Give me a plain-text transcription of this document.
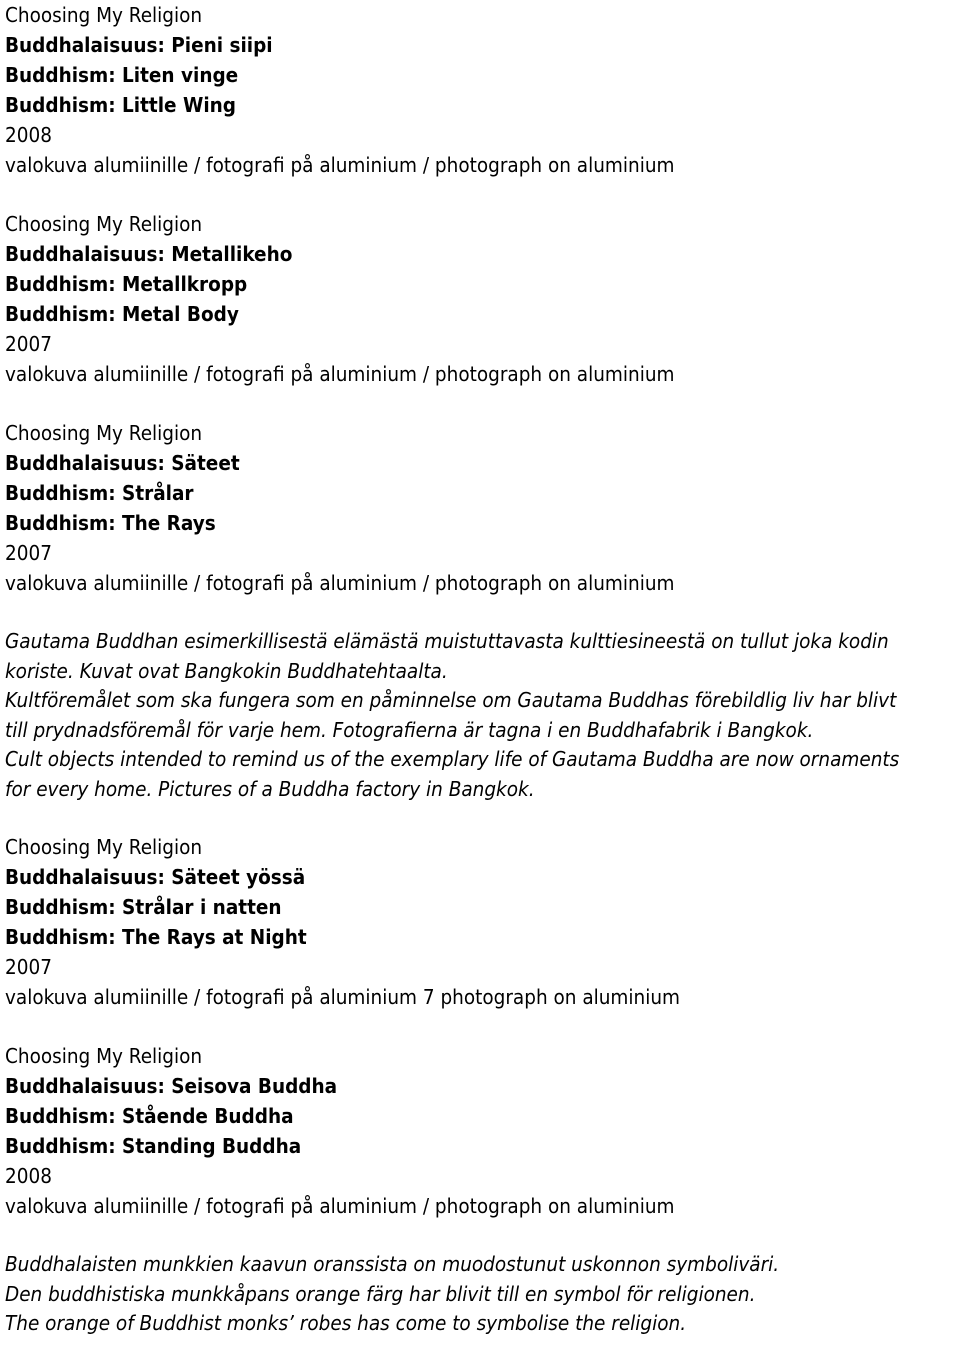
Choosing My Religion
Buddhalaisuus: Pieni siipi
Buddhism: Liten vinge
Buddhism: Little Wing
2008
valokuva alumiinille / fotografi på aluminium / photograph on aluminium
Choosing My Religion
Buddhalaisuus: Metallikeho
Buddhism: Metallkropp
Buddhism: Metal Body
2007
valokuva alumiinille / fotografi på aluminium / photograph on aluminium
Choosing My Religion
Buddhalaisuus: Säteet
Buddhism: Strålar
Buddhism: The Rays
2007
valokuva alumiinille / fotografi på aluminium / photograph on aluminium
Gautama Buddhan esimerkillisestä elämästä muistuttavasta kulttiesineestä on tullut joka kodin
koriste. Kuvat ovat Bangkokin Buddhatehtaalta.
Kultföremålet som ska fungera som en påminnelse om Gautama Buddhas förebildlig liv har blivt
till prydnadsföremål för varje hem. Fotografierna är tagna i en Buddhafabrik i Bangkok.
Cult objects intended to remind us of the exemplary life of Gautama Buddha are now ornaments
for every home. Pictures of a Buddha factory in Bangkok.
Choosing My Religion
Buddhalaisuus: Säteet yössä
Buddhism: Strålar i natten
Buddhism: The Rays at Night
2007
valokuva alumiinille / fotografi på aluminium 7 photograph on aluminium
Choosing My Religion
Buddhalaisuus: Seisova Buddha
Buddhism: Stående Buddha
Buddhism: Standing Buddha
2008
valokuva alumiinille / fotografi på aluminium / photograph on aluminium
Buddhalaisten munkkien kaavun oranssista on muodostunut uskonnon symboliväri.
Den buddhistiska munkkåpans orange färg har blivit till en symbol för religionen.
The orange of Buddhist monks’ robes has come to symbolise the religion.
